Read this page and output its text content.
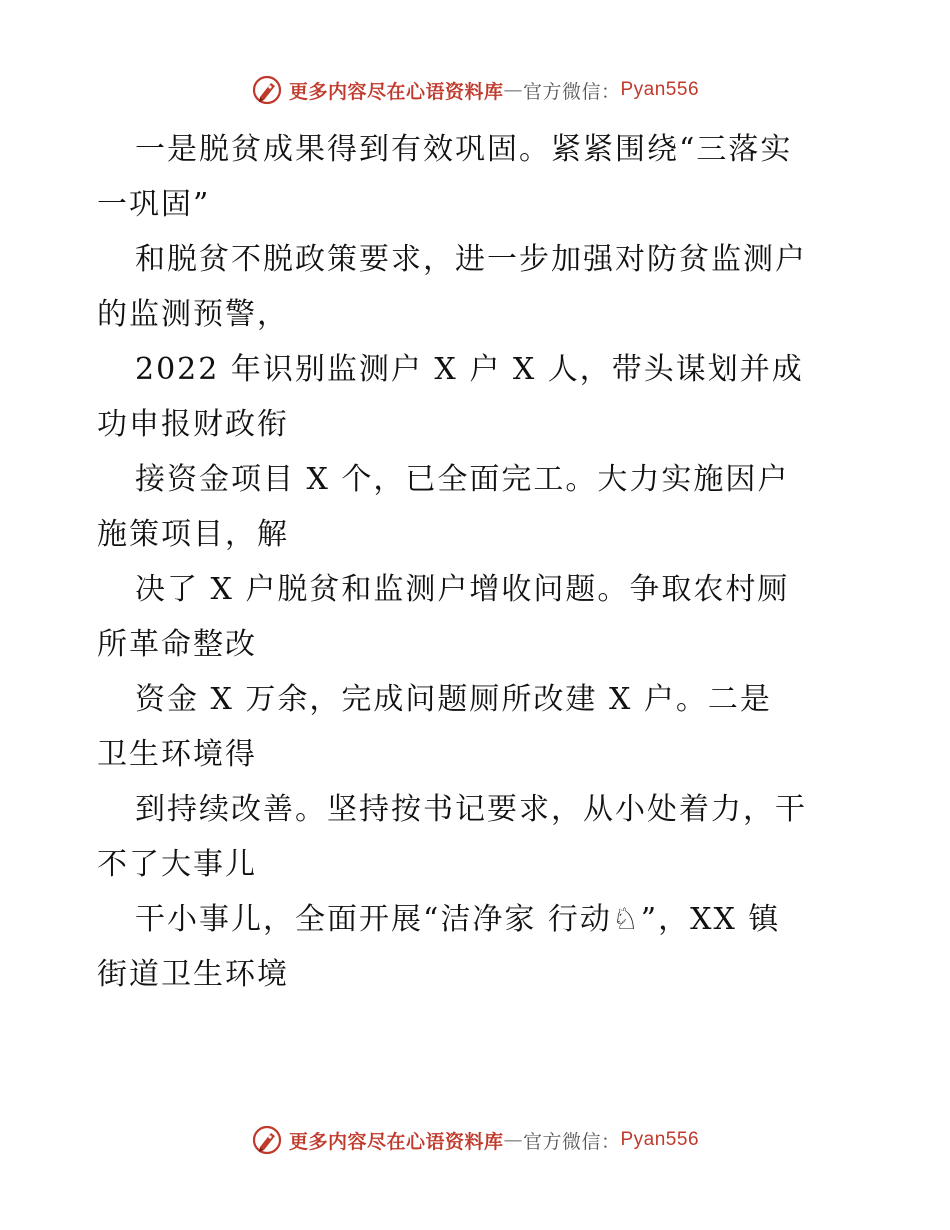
更多内容尽在心语资料库 — 官方微信： Pyan556
一是脱贫成果得到有效巩固。紧紧围绕“三落实
一巩固”
和脱贫不脱政策要求，进一步加强对防贫监测户
的监测预警，
2022 年识别监测户 X 户 X 人，带头谋划并成
功申报财政衔
接资金项目 X 个，已全面完工。大力实施因户
施策项目，解
决了 X 户脱贫和监测户增收问题。争取农村厕
所革命整改
资金 X 万余，完成问题厕所改建 X 户。二是
卫生环境得
到持续改善。坚持按书记要求，从小处着力，干
不了大事儿
干小事儿，全面开展“洁净家 行动♘”，XX 镇
街道卫生环境
更多内容尽在心语资料库 — 官方微信： Pyan556
